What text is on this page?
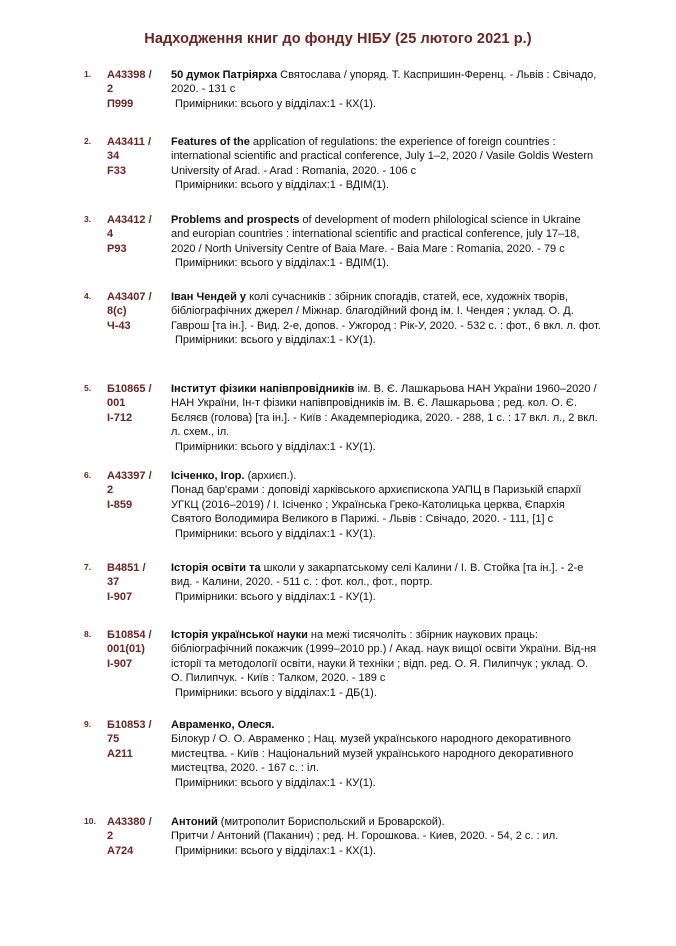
Надходження книг до фонду НІБУ (25 лютого 2021 р.)
1. А43398 /
2
П999
50 думок Патріярха Святослава / упоряд. Т. Каспришин-Ференц. - Львів : Свічадо, 2020. - 131 с
Примірники: всього у відділах:1 - КХ(1).
2. А43411 /
34
F33
Features of the application of regulations: the experience of foreign countries : international scientific and practical conference, July 1–2, 2020 / Vasile Goldis Western University of Arad. - Arad : Romania, 2020. - 106 с
Примірники: всього у відділах:1 - ВДІМ(1).
3. А43412 /
4
P93
Problems and prospects of development of modern philological science in Ukraine and europian countries : international scientific and practical conference, july 17–18, 2020 / North University Centre of Baia Mare. - Baia Mare : Romania, 2020. - 79 с
Примірники: всього у відділах:1 - ВДІМ(1).
4. А43407 /
8(с)
Ч-43
Іван Чендей у колі сучасників : збірник спогадів, статей, есе, художніх творів, бібліографічних джерел / Міжнар. благодійний фонд ім. І. Чендея ; уклад. О. Д. Гаврош [та ін.]. - Вид. 2-е, допов. - Ужгород : Рік-У, 2020. - 532 с. : фот., 6 вкл. л. фот.
Примірники: всього у відділах:1 - КУ(1).
5. Б10865 /
001
І-712
Інститут фізики напівпровідників ім. В. Є. Лашкарьова НАН України 1960–2020 / НАН України, Ін-т фізики напівпровідників ім. В. Є. Лашкарьова ; ред. кол. О. Є. Бєляєв (голова) [та ін.]. - Київ : Академперіодика, 2020. - 288, 1 с. : 17 вкл. л., 2 вкл. л. схем., іл.
Примірники: всього у відділах:1 - КУ(1).
6. А43397 /
2
І-859
Ісіченко, Ігор. (архиєп.).
Понад бар'єрами : доповіді харківського архиєпископа УАПЦ в Паризькій єпархії УГКЦ (2016–2019) / І. Ісіченко ; Українська Греко-Католицька церква, Єпархія Святого Володимира Великого в Парижі. - Львів : Свічадо, 2020. - 111, [1] с
Примірники: всього у відділах:1 - КУ(1).
7. В4851 /
37
І-907
Історія освіти та школи у закарпатському селі Калини / І. В. Стойка [та ін.]. - 2-е вид. - Калини, 2020. - 511 с. : фот. кол., фот., портр.
Примірники: всього у відділах:1 - КУ(1).
8. Б10854 /
001(01)
І-907
Історія української науки на межі тисячоліть : збірник наукових праць: бібліографічний покажчик (1999–2010 рр.) / Акад. наук вищої освіти України. Від-ня історії та методології освіти, науки й техніки ; відп. ред. О. Я. Пилипчук ; уклад. О. О. Пилипчук. - Київ : Талком, 2020. - 189 с
Примірники: всього у відділах:1 - ДБ(1).
9. Б10853 /
75
А211
Авраменко, Олеся.
Білокур / О. О. Авраменко ; Нац. музей українського народного декоративного мистецтва. - Київ : Національний музей українського народного декоративного мистецтва, 2020. - 167 с. : іл.
Примірники: всього у відділах:1 - КУ(1).
10. А43380 /
2
А724
Антоний (митрополит Бориспольский и Броварской).
Притчи / Антоний (Паканич) ; ред. Н. Горошкова. - Киев, 2020. - 54, 2 с. : ил.
Примірники: всього у відділах:1 - КХ(1).
